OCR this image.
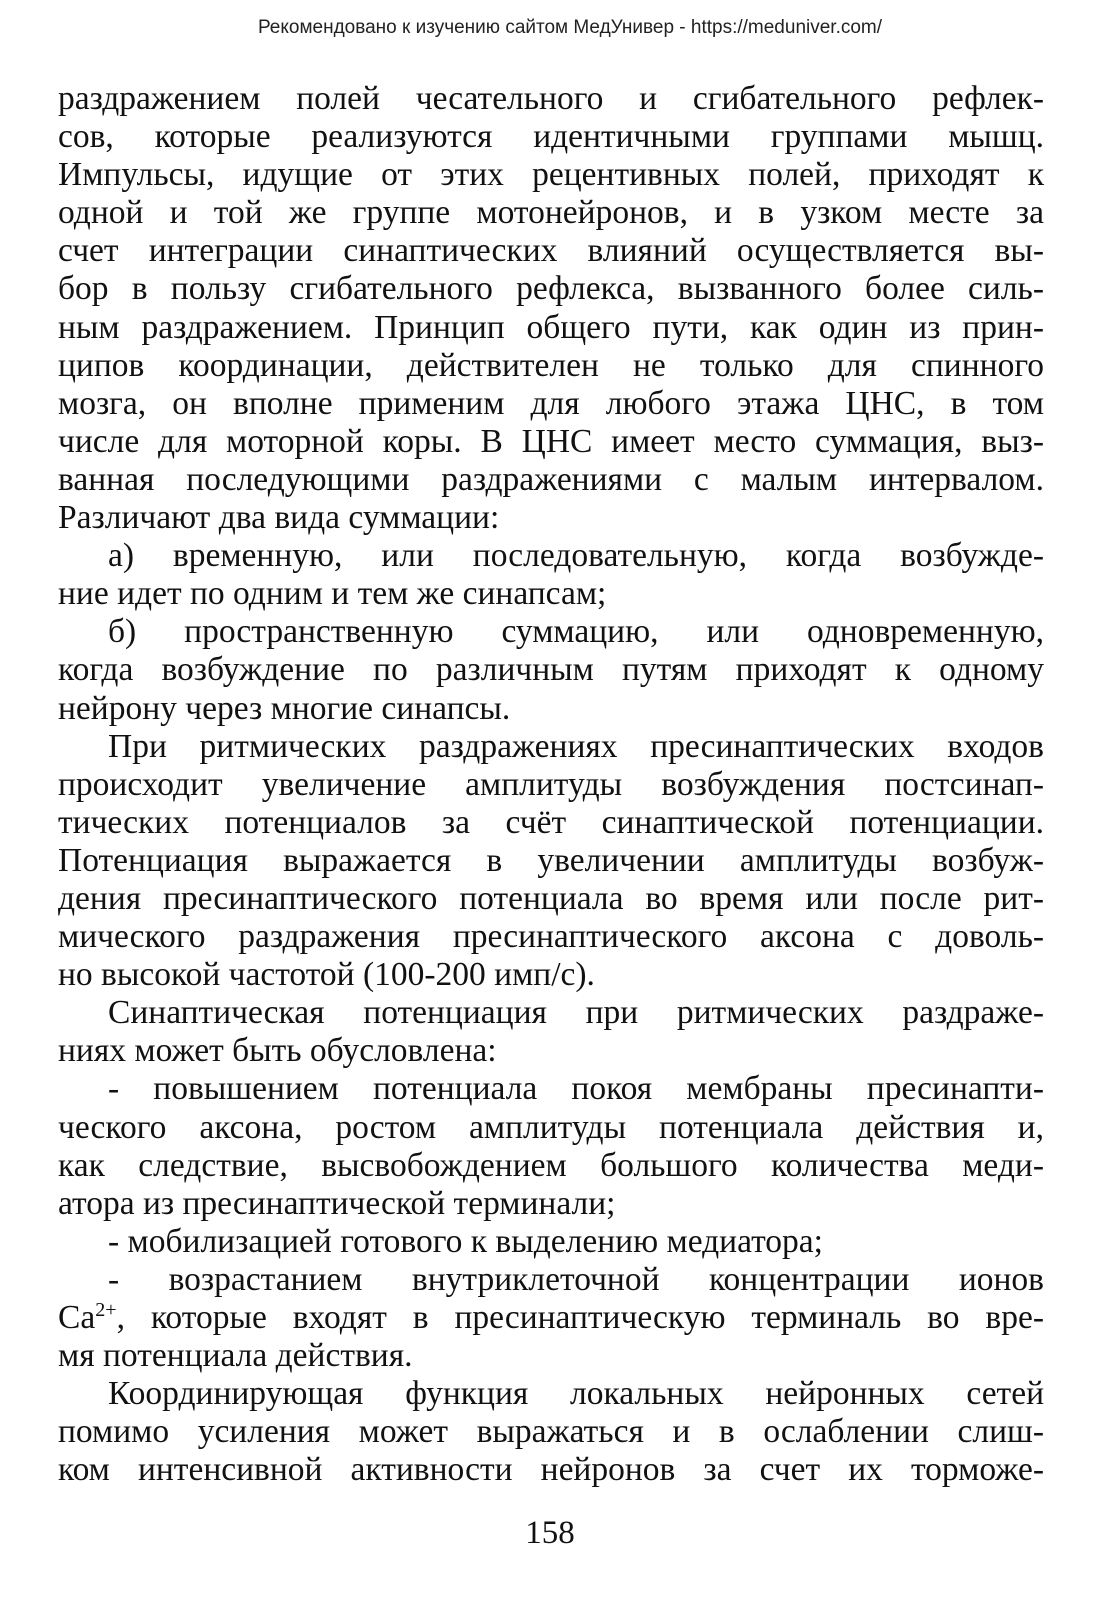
Рекомендовано к изучению сайтом МедУнивер - https://meduniver.com/
раздражением полей чесательного и сгибательного рефлек-
сов, которые реализуются идентичными группами мышц.
Импульсы, идущие от этих рецентивных полей, приходят к
одной и той же группе мотонейронов, и в узком месте за
счет интеграции синаптических влияний осуществляется вы-
бор в пользу сгибательного рефлекса, вызванного более силь-
ным раздражением. Принцип общего пути, как один из прин-
ципов координации, действителен не только для спинного
мозга, он вполне применим для любого этажа ЦНС, в том
числе для моторной коры. В ЦНС имеет место суммация, выз-
ванная последующими раздражениями с малым интервалом.
Различают два вида суммации:
а) временную, или последовательную, когда возбужде-
ние идет по одним и тем же синапсам;
б) пространственную суммацию, или одновременную,
когда возбуждение по различным путям приходят к одному
нейрону через многие синапсы.
При ритмических раздражениях пресинаптических входов
происходит увеличение амплитуды возбуждения постсинап-
тических потенциалов за счёт синаптической потенциации.
Потенциация выражается в увеличении амплитуды возбуж-
дения пресинаптического потенциала во время или после рит-
мического раздражения пресинаптического аксона с доволь-
но высокой частотой (100-200 имп/с).
Синаптическая потенциация при ритмических раздраже-
ниях может быть обусловлена:
- повышением потенциала покоя мембраны пресинапти-
ческого аксона, ростом амплитуды потенциала действия и,
как следствие, высвобождением большого количества меди-
атора из пресинаптической терминали;
- мобилизацией готового к выделению медиатора;
- возрастанием внутриклеточной концентрации ионов
$Са^{2+}$, которые входят в пресинаптическую терминаль во вре-
мя потенциала действия.
Координирующая функция локальных нейронных сетей
помимо усиления может выражаться и в ослаблении слиш-
ком интенсивной активности нейронов за счет их торможе-
158
